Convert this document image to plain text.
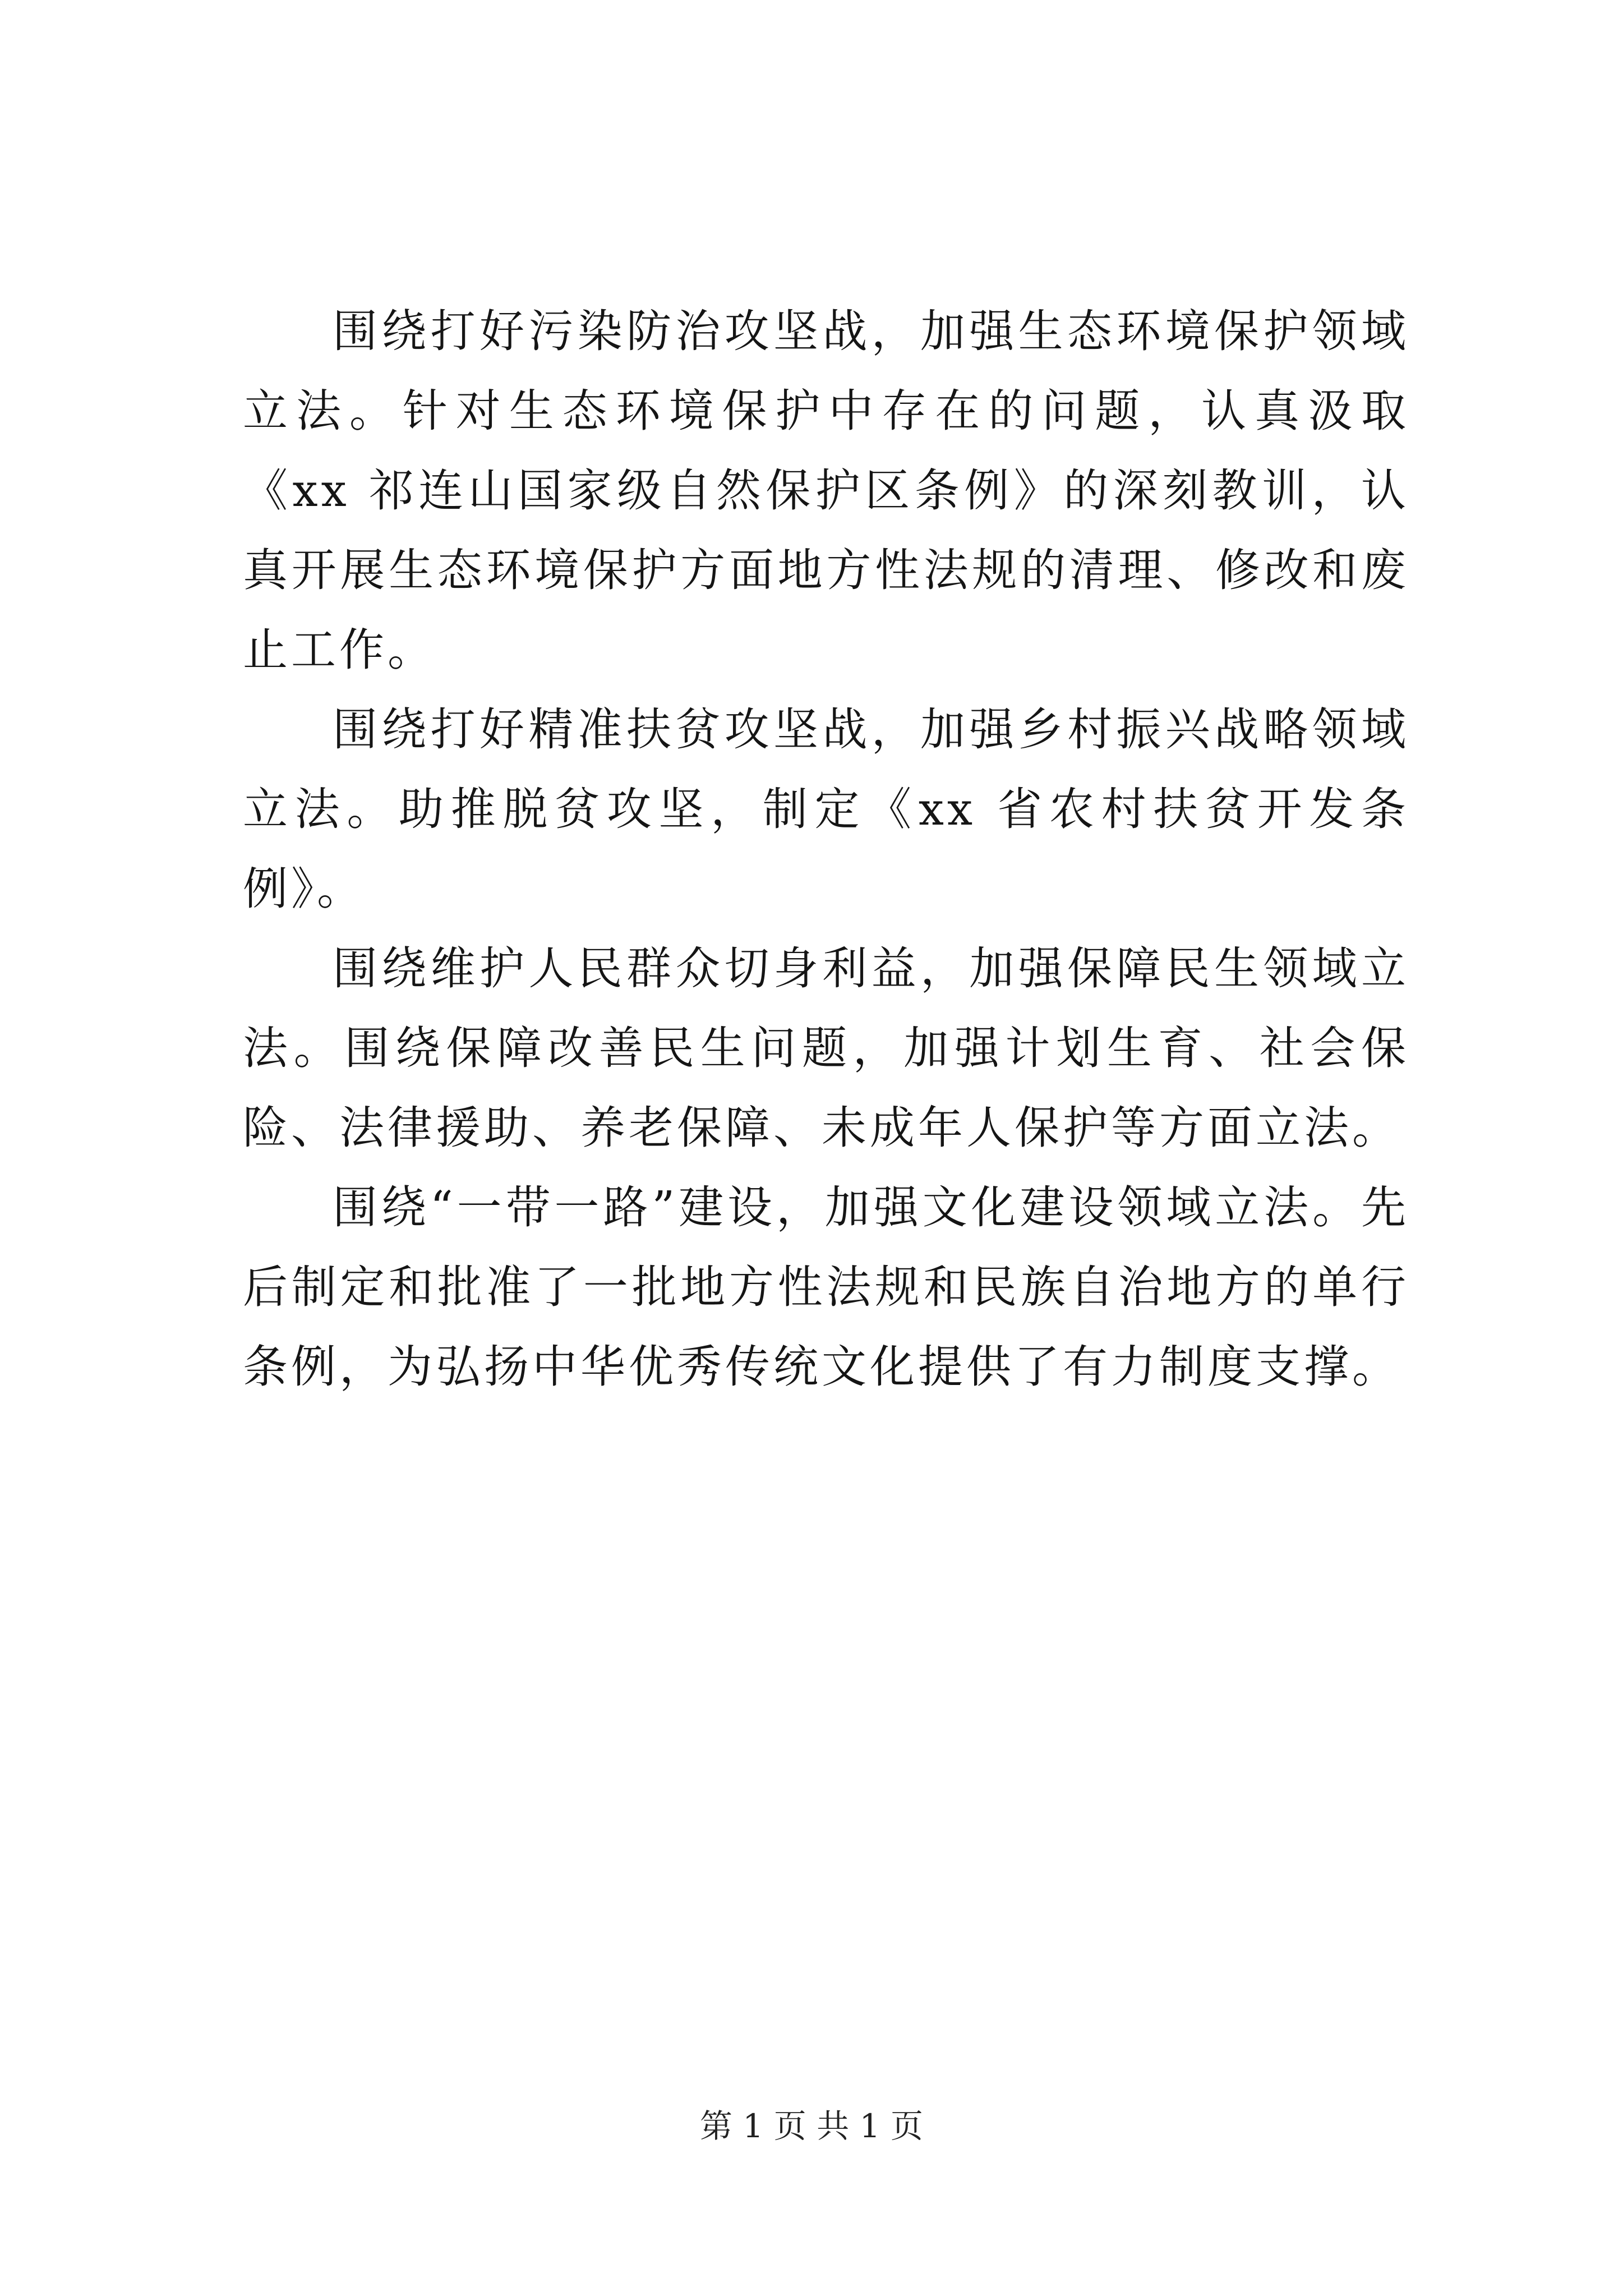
围绕打好污染防治攻坚战，加强生态环境保护领域立法。针对生态环境保护中存在的问题，认真汲取《xx 祁连山国家级自然保护区条例》的深刻教训，认真开展生态环境保护方面地方性法规的清理、修改和废止工作。

围绕打好精准扶贫攻坚战，加强乡村振兴战略领域立法。助推脱贫攻坚，制定《xx 省农村扶贫开发条例》。

围绕维护人民群众切身利益，加强保障民生领域立法。围绕保障改善民生问题，加强计划生育、社会保险、法律援助、养老保障、未成年人保护等方面立法。

围绕“一带一路”建设，加强文化建设领域立法。先后制定和批准了一批地方性法规和民族自治地方的单行条例，为弘扬中华优秀传统文化提供了有力制度支撑。

第 1 页 共 1 页
